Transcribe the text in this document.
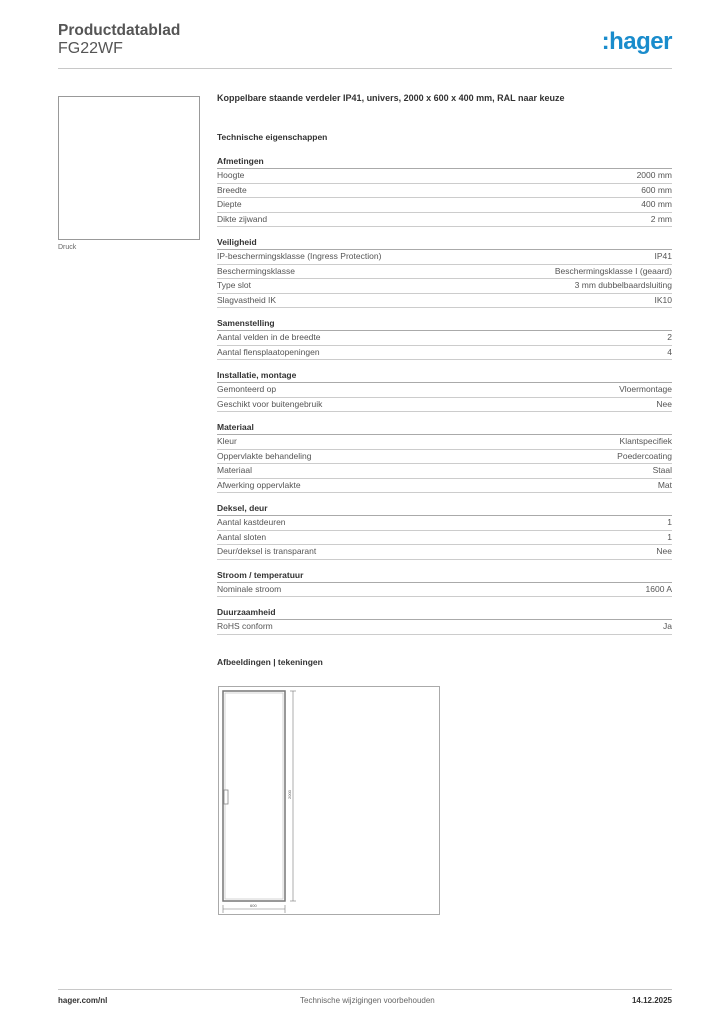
Productdatablad
FG22WF	:hager
Druck
Koppelbare staande verdeler IP41, univers, 2000 x 600 x 400 mm, RAL naar keuze
Technische eigenschappen
Afmetingen
Hoogte	2000 mm
Breedte	600 mm
Diepte	400 mm
Dikte zijwand	2 mm
Veiligheid
IP-beschermingsklasse (Ingress Protection)	IP41
Beschermingsklasse	Beschermingsklasse I (geaard)
Type slot	3 mm dubbelbaardsluiting
Slagvastheid IK	IK10
Samenstelling
Aantal velden in de breedte	2
Aantal flensplaatopeningen	4
Installatie, montage
Gemonteerd op	Vloermontage
Geschikt voor buitengebruik	Nee
Materiaal
Kleur	Klantspecifiek
Oppervlakte behandeling	Poedercoating
Materiaal	Staal
Afwerking oppervlakte	Mat
Deksel, deur
Aantal kastdeuren	1
Aantal sloten	1
Deur/deksel is transparant	Nee
Stroom / temperatuur
Nominale stroom	1600 A
Duurzaamheid
RoHS conform	Ja
Afbeeldingen | tekeningen
2000
600
hager.com/nl	Technische wijzigingen voorbehouden	14.12.2025
